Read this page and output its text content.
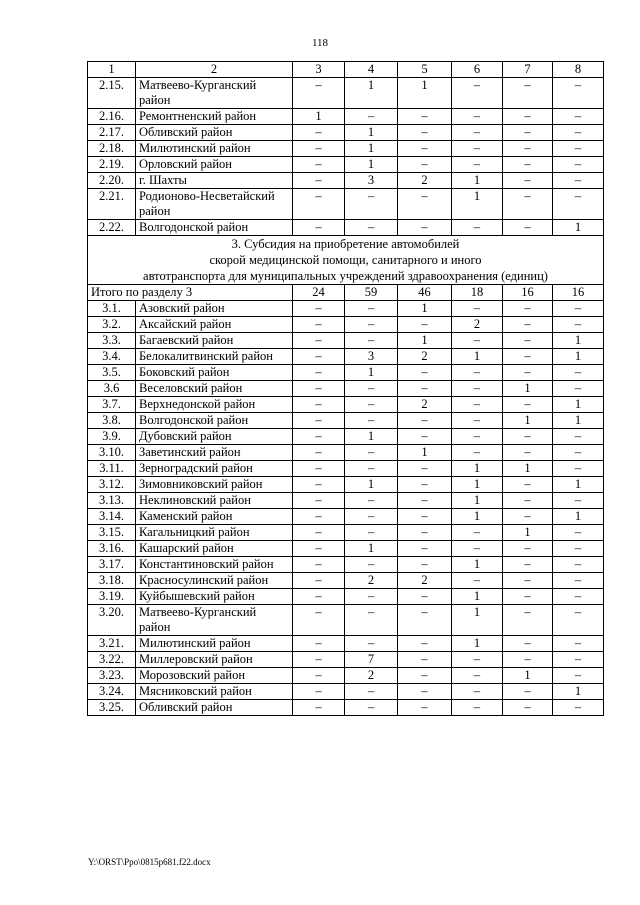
118
1	2	3	4	5	6	7	8
2.15.	Матвеево-Курганский район	–	1	1	–	–	–
2.16.	Ремонтненский район	1	–	–	–	–	–
2.17.	Обливский район	–	1	–	–	–	–
2.18.	Милютинский район	–	1	–	–	–	–
2.19.	Орловский район	–	1	–	–	–	–
2.20.	г. Шахты	–	3	2	1	–	–
2.21.	Родионово-Несветайский район	–	–	–	1	–	–
2.22.	Волгодонской район	–	–	–	–	–	1

3. Субсидия на приобретение автомобилей
скорой медицинской помощи, санитарного и иного
автотранспорта для муниципальных учреждений здравоохранения (единиц)							

Итого по разделу 3		24	59	46	18	16	16
3.1.	Азовский район	–	–	1	–	–	–
3.2.	Аксайский район	–	–	–	2	–	–
3.3.	Багаевский район	–	–	1	–	–	1
3.4.	Белокалитвинский район	–	3	2	1	–	1
3.5.	Боковский район	–	1	–	–	–	–
3.6	Веселовский район	–	–	–	–	1	–
3.7.	Верхнедонской район	–	–	2	–	–	1
3.8.	Волгодонской район	–	–	–	–	1	1
3.9.	Дубовский район	–	1	–	–	–	–
3.10.	Заветинский район	–	–	1	–	–	–
3.11.	Зерноградский район	–	–	–	1	1	–
3.12.	Зимовниковский район	–	1	–	1	–	1
3.13.	Неклиновский район	–	–	–	1	–	–
3.14.	Каменский район	–	–	–	1	–	1
3.15.	Кагальницкий район	–	–	–	–	1	–
3.16.	Кашарский район	–	1	–	–	–	–
3.17.	Константиновский район	–	–	–	1	–	–
3.18.	Красносулинский район	–	2	2	–	–	–
3.19.	Куйбышевский район	–	–	–	1	–	–
3.20.	Матвеево-Курганский район	–	–	–	1	–	–
3.21.	Милютинский район	–	–	–	1	–	–
3.22.	Миллеровский район	–	7	–	–	–	–
3.23.	Морозовский район	–	2	–	–	1	–
3.24.	Мясниковский район	–	–	–	–	–	1
3.25.	Обливский район	–	–	–	–	–	–
Y:\ORST\Ppo\0815p681.f22.docx
